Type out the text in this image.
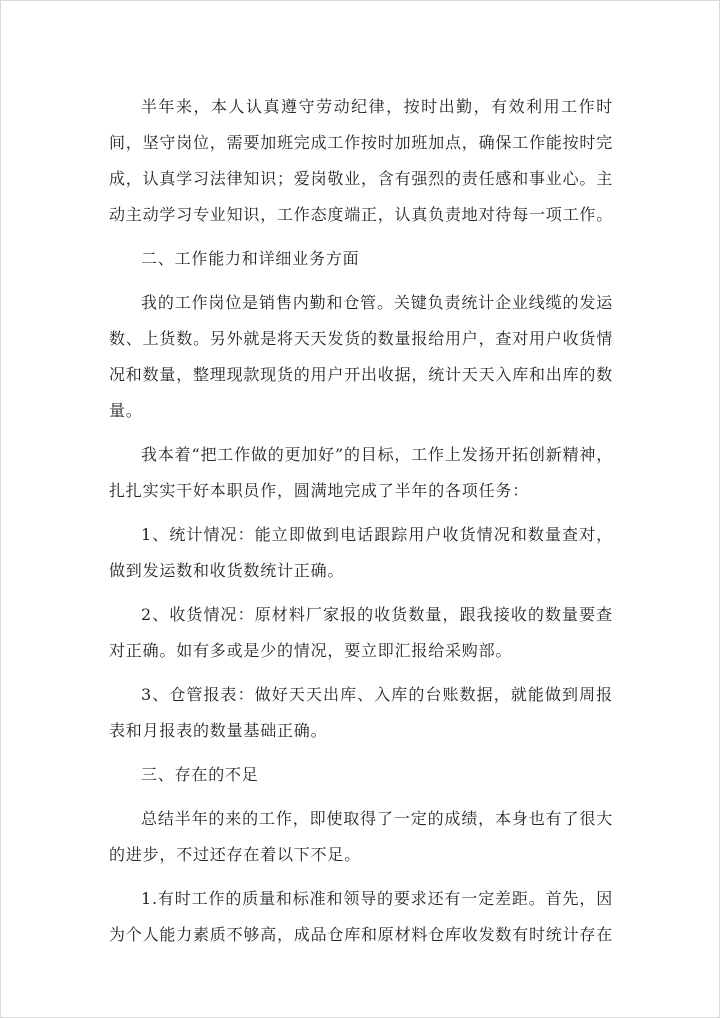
半年来，本人认真遵守劳动纪律，按时出勤，有效利用工作时间，坚守岗位，需要加班完成工作按时加班加点，确保工作能按时完成，认真学习法律知识；爱岗敬业，含有强烈的责任感和事业心。主动主动学习专业知识，工作态度端正，认真负责地对待每一项工作。

二、工作能力和详细业务方面

我的工作岗位是销售内勤和仓管。关键负责统计企业线缆的发运数、上货数。另外就是将天天发货的数量报给用户，查对用户收货情况和数量，整理现款现货的用户开出收据，统计天天入库和出库的数量。

我本着“把工作做的更加好”的目标，工作上发扬开拓创新精神，扎扎实实干好本职员作，圆满地完成了半年的各项任务：

1、统计情况：能立即做到电话跟踪用户收货情况和数量查对，做到发运数和收货数统计正确。

2、收货情况：原材料厂家报的收货数量，跟我接收的数量要查对正确。如有多或是少的情况，要立即汇报给采购部。

3、仓管报表：做好天天出库、入库的台账数据，就能做到周报表和月报表的数量基础正确。

三、存在的不足

总结半年的来的工作，即使取得了一定的成绩，本身也有了很大的进步，不过还存在着以下不足。

1.有时工作的质量和标准和领导的要求还有一定差距。首先，因为个人能力素质不够高，成品仓库和原材料仓库收发数有时统计存在
